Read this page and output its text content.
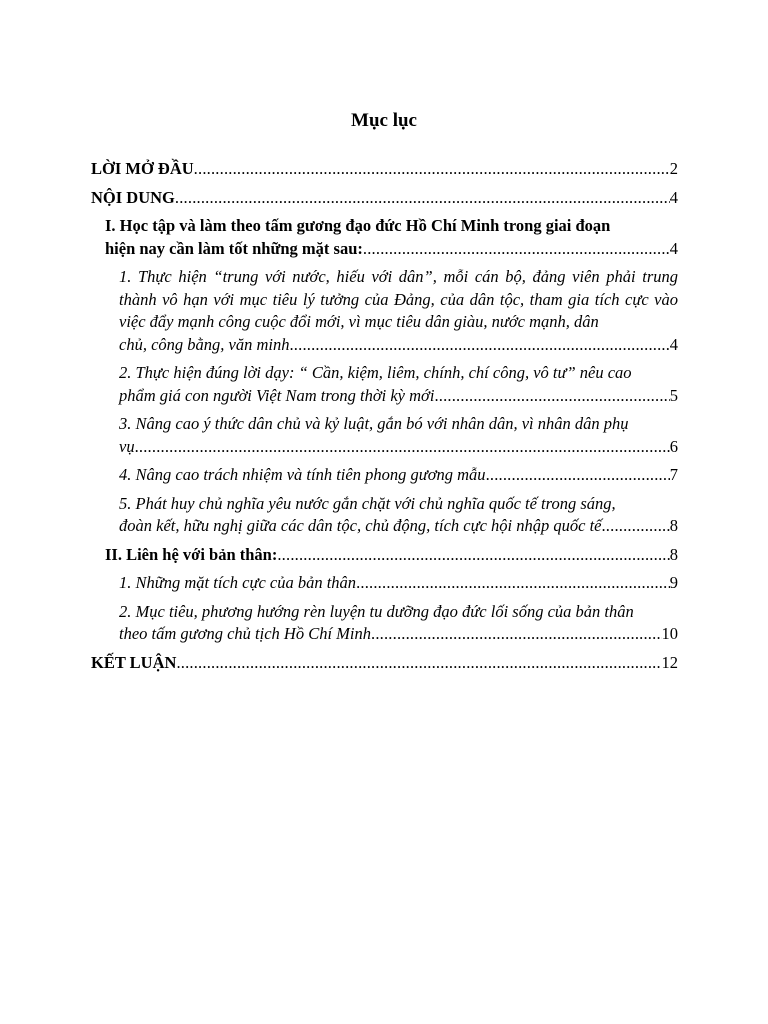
Mục lục
LỜI MỞ ĐẦU .....	2
NỘI DUNG .....	4
I. Học tập và làm theo tấm gương đạo đức Hồ Chí Minh trong giai đoạn
hiện nay cần làm tốt những mặt sau: .....	4
1. Thực hiện “trung với nước, hiếu với dân”, mỗi cán bộ, đảng viên phải trung thành vô hạn với mục tiêu lý tưởng của Đảng, của dân tộc, tham gia tích cực vào việc đẩy mạnh công cuộc đổi mới, vì mục tiêu dân giàu, nước mạnh, dân
chủ, công bằng, văn minh .....	4
2. Thực hiện đúng lời dạy: “ Cần, kiệm, liêm, chính, chí công, vô tư” nêu cao
phẩm giá con người Việt Nam trong thời kỳ mới .....	5
3. Nâng cao ý thức dân chủ và kỷ luật, gắn bó với nhân dân, vì nhân dân phụ
vụ .....	6
4. Nâng cao trách nhiệm và tính tiên phong gương mẫu .....	7
5. Phát huy chủ nghĩa yêu nước gắn chặt với chủ nghĩa quốc tế trong sáng,
đoàn kết, hữu nghị giữa các dân tộc, chủ động, tích cực hội nhập quốc tế .....	8
II. Liên hệ với bản thân: .....	8
1. Những mặt tích cực của bản thân .....	9
2. Mục tiêu, phương hướng rèn luyện tu dưỡng đạo đức lối sống của bản thân
theo tấm gương chủ tịch Hồ Chí Minh .....	10
KẾT LUẬN .....	12
